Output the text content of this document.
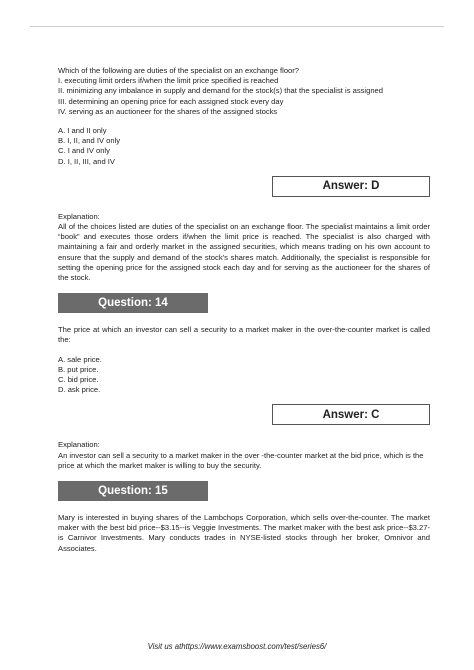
Which of the following are duties of the specialist on an exchange floor?

I. executing limit orders if/when the limit price specified is reached

II. minimizing any imbalance in supply and demand for the stock(s) that the specialist is assigned

III. determining an opening price for each assigned stock every day

IV. serving as an auctioneer for the shares of the assigned stocks

A. I and II only

B. I, II, and IV only

C. I and IV only

D. I, II, III, and IV

Answer: D

Explanation:

All of the choices listed are duties of the specialist on an exchange floor. The specialist maintains a limit order “book” and executes those orders if/when the limit price is reached. The specialist is also charged with maintaining a fair and orderly market in the assigned securities, which means trading on his own account to ensure that the supply and demand of the stock’s shares match. Additionally, the specialist is responsible for setting the opening price for the assigned stock each day and for serving as the auctioneer for the shares of the stock.

Question: 14

The price at which an investor can sell a security to a market maker in the over-the-counter market is called the:

A. sale price.

B. put price.

C. bid price.

D. ask price.

Answer: C

Explanation:

An investor can sell a security to a market maker in the over -the-counter market at the bid price, which is the price at which the market maker is willing to buy the security.

Question: 15

Mary is interested in buying shares of the Lambchops Corporation, which sells over-the-counter. The market maker with the best bid price--$3.15--is Veggie Investments. The market maker with the best ask price--$3.27-is Carnivor Investments. Mary conducts trades in NYSE-listed stocks through her broker, Omnivor and Associates.

Visit us athttps://www.examsboost.com/test/series6/
